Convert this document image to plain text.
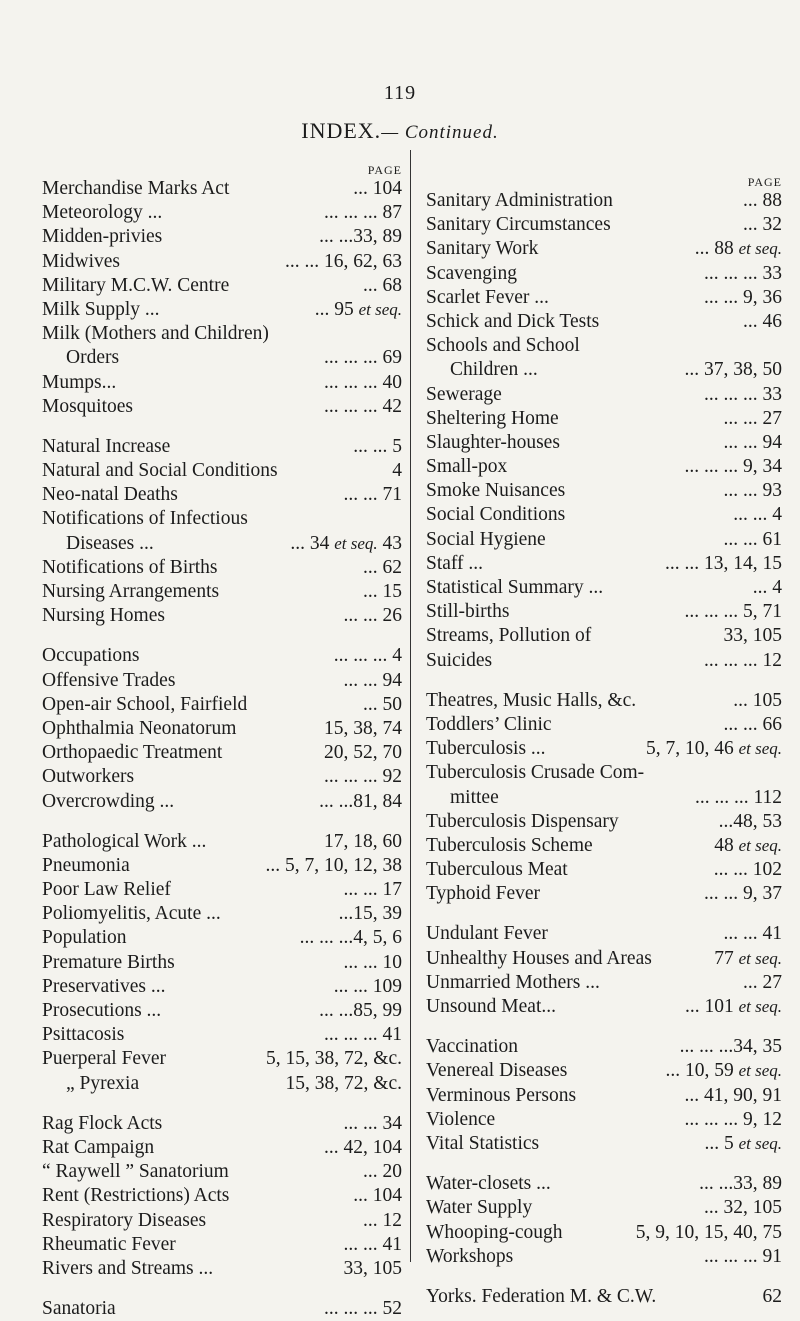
119
INDEX.— Continued.
PAGE
Merchandise Marks Act	... 104
Meteorology ...	... ... ... 87
Midden-privies	... ...33, 89
Midwives	... ... 16, 62, 63
Military M.C.W. Centre	... 68
Milk Supply ...	... 95 et seq.
Milk (Mothers and Children)
Orders	... ... ... 69
Mumps...	... ... ... 40
Mosquitoes	... ... ... 42
Natural Increase	... ... 5
Natural and Social Conditions	4
Neo-natal Deaths	... ... 71
Notifications of Infectious
Diseases ...	... 34 et seq. 43
Notifications of Births	... 62
Nursing Arrangements	... 15
Nursing Homes	... ... 26
Occupations	... ... ... 4
Offensive Trades	... ... 94
Open-air School, Fairfield	... 50
Ophthalmia Neonatorum	15, 38, 74
Orthopaedic Treatment	20, 52, 70
Outworkers	... ... ... 92
Overcrowding ...	... ...81, 84
Pathological Work ...	17, 18, 60
Pneumonia	... 5, 7, 10, 12, 38
Poor Law Relief	... ... 17
Poliomyelitis, Acute ...	...15, 39
Population	... ... ...4, 5, 6
Premature Births	... ... 10
Preservatives ...	... ... 109
Prosecutions ...	... ...85, 99
Psittacosis	... ... ... 41
Puerperal Fever	5, 15, 38, 72, &c.
„ Pyrexia	15, 38, 72, &c.
Rag Flock Acts	... ... 34
Rat Campaign	... 42, 104
“ Raywell ” Sanatorium	... 20
Rent (Restrictions) Acts	... 104
Respiratory Diseases	... 12
Rheumatic Fever	... ... 41
Rivers and Streams ...	33, 105
Sanatoria	... ... ... 52
PAGE
Sanitary Administration	... 88
Sanitary Circumstances	... 32
Sanitary Work	... 88 et seq.
Scavenging	... ... ... 33
Scarlet Fever ...	... ... 9, 36
Schick and Dick Tests	... 46
Schools and School
Children ...	... 37, 38, 50
Sewerage	... ... ... 33
Sheltering Home	... ... 27
Slaughter-houses	... ... 94
Small-pox	... ... ... 9, 34
Smoke Nuisances	... ... 93
Social Conditions	... ... 4
Social Hygiene	... ... 61
Staff ...	... ... 13, 14, 15
Statistical Summary ...	... 4
Still-births	... ... ... 5, 71
Streams, Pollution of	33, 105
Suicides	... ... ... 12
Theatres, Music Halls, &c.	... 105
Toddlers’ Clinic	... ... 66
Tuberculosis ...	5, 7, 10, 46 et seq.
Tuberculosis Crusade Com-
mittee	... ... ... 112
Tuberculosis Dispensary	...48, 53
Tuberculosis Scheme	48 et seq.
Tuberculous Meat	... ... 102
Typhoid Fever	... ... 9, 37
Undulant Fever	... ... 41
Unhealthy Houses and Areas	77 et seq.
Unmarried Mothers ...	... 27
Unsound Meat...	... 101 et seq.
Vaccination	... ... ...34, 35
Venereal Diseases	... 10, 59 et seq.
Verminous Persons	... 41, 90, 91
Violence	... ... ... 9, 12
Vital Statistics	... 5 et seq.
Water-closets ...	... ...33, 89
Water Supply	... 32, 105
Whooping-cough	5, 9, 10, 15, 40, 75
Workshops	... ... ... 91
Yorks. Federation M. & C.W.	62
